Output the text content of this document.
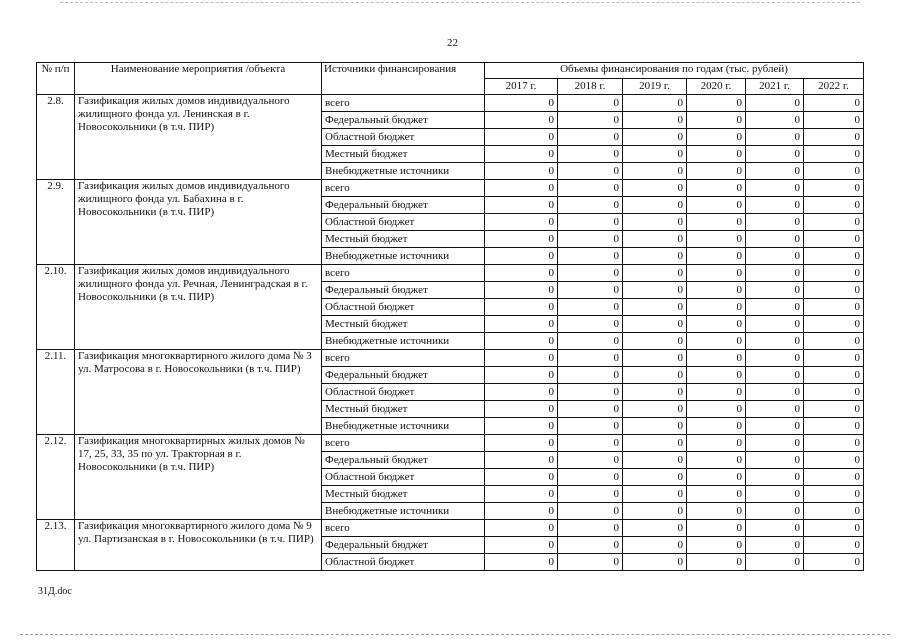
22
№ п/п	Наименование мероприятия /объекта	Источники финансирования	Объемы финансирования по годам (тыс. рублей)					
			2017 г.	2018 г.	2019 г.	2020 г.	2021 г.	2022 г.
2.8.	Газификация жилых домов индивидуального жилищного фонда ул. Ленинская в г. Новосокольники (в т.ч. ПИР)	всего	0	0	0	0	0	0
		Федеральный бюджет	0	0	0	0	0	0
		Областной бюджет	0	0	0	0	0	0
		Местный бюджет	0	0	0	0	0	0
		Внебюджетные источники	0	0	0	0	0	0
2.9.	Газификация жилых домов индивидуального жилищного фонда ул. Бабахина в г. Новосокольники (в т.ч. ПИР)	всего	0	0	0	0	0	0
		Федеральный бюджет	0	0	0	0	0	0
		Областной бюджет	0	0	0	0	0	0
		Местный бюджет	0	0	0	0	0	0
		Внебюджетные источники	0	0	0	0	0	0
2.10.	Газификация жилых домов индивидуального жилищного фонда ул. Речная, Ленинградская в г. Новосокольники (в т.ч. ПИР)	всего	0	0	0	0	0	0
		Федеральный бюджет	0	0	0	0	0	0
		Областной бюджет	0	0	0	0	0	0
		Местный бюджет	0	0	0	0	0	0
		Внебюджетные источники	0	0	0	0	0	0
2.11.	Газификация многоквартирного жилого дома № 3 ул. Матросова в г. Новосокольники (в т.ч. ПИР)	всего	0	0	0	0	0	0
		Федеральный бюджет	0	0	0	0	0	0
		Областной бюджет	0	0	0	0	0	0
		Местный бюджет	0	0	0	0	0	0
		Внебюджетные источники	0	0	0	0	0	0
2.12.	Газификация многоквартирных жилых домов № 17, 25, 33, 35 по ул. Тракторная в г. Новосокольники (в т.ч. ПИР)	всего	0	0	0	0	0	0
		Федеральный бюджет	0	0	0	0	0	0
		Областной бюджет	0	0	0	0	0	0
		Местный бюджет	0	0	0	0	0	0
		Внебюджетные источники	0	0	0	0	0	0
2.13.	Газификация многоквартирного жилого дома № 9 ул. Партизанская в г. Новосокольники (в т.ч. ПИР)	всего	0	0	0	0	0	0
		Федеральный бюджет	0	0	0	0	0	0
		Областной бюджет	0	0	0	0	0	0
31Д.doc
